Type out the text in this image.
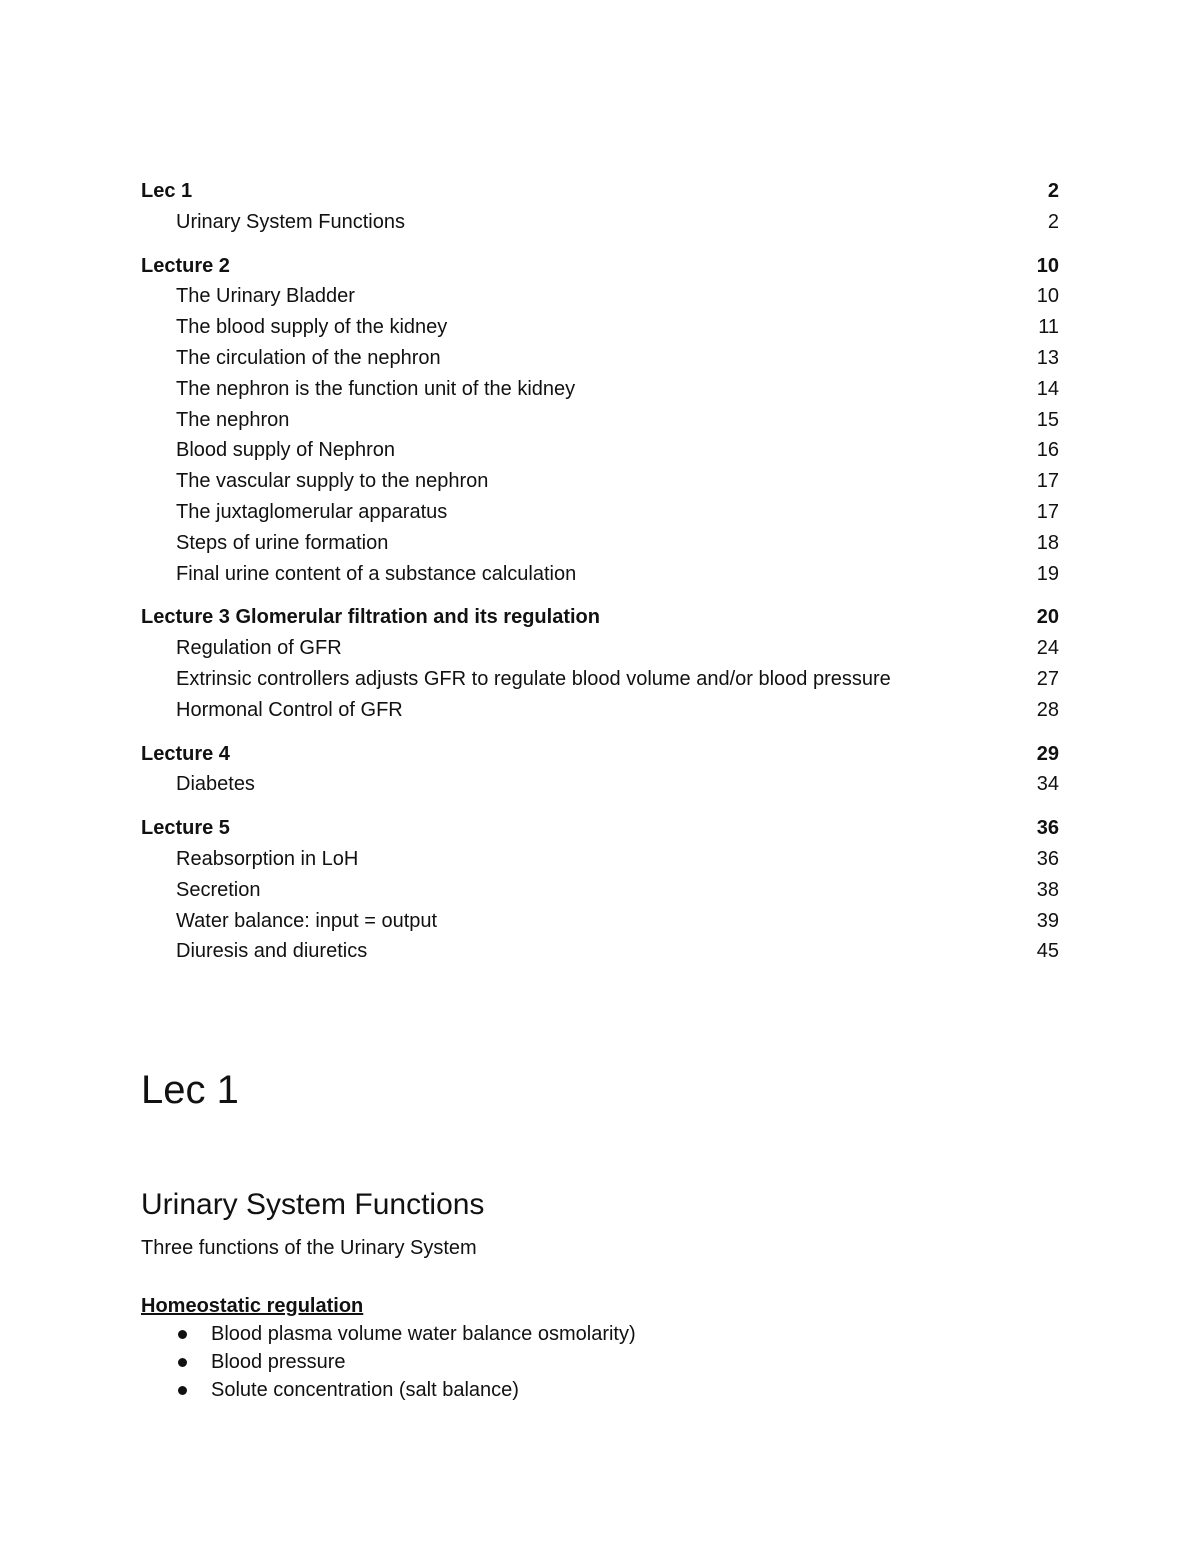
Lec 1	2
Urinary System Functions	2
Lecture 2	10
The Urinary Bladder	10
The blood supply of the kidney	11
The circulation of the nephron	13
The nephron is the function unit of the kidney	14
The nephron	15
Blood supply of Nephron	16
The vascular supply to the nephron	17
The juxtaglomerular apparatus	17
Steps of urine formation	18
Final urine content of a substance calculation	19
Lecture 3 Glomerular filtration and its regulation	20
Regulation of GFR	24
Extrinsic controllers adjusts GFR to regulate blood volume and/or blood pressure	27
Hormonal Control of GFR	28
Lecture 4	29
Diabetes	34
Lecture 5	36
Reabsorption in LoH	36
Secretion	38
Water balance: input = output	39
Diuresis and diuretics	45
Lec 1
Urinary System Functions

Three functions of the Urinary System

Homeostatic regulation

Blood plasma volume water balance osmolarity)
Blood pressure
Solute concentration (salt balance)
